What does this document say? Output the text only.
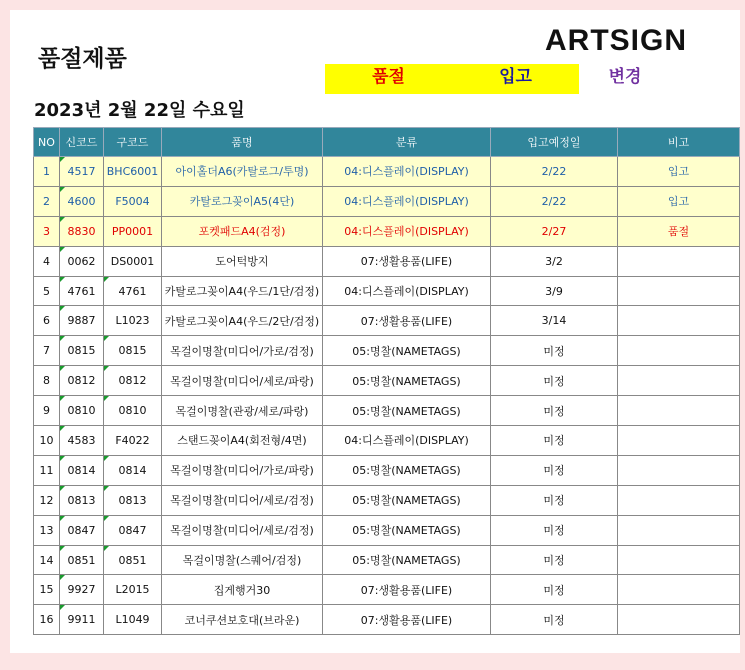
품절제품
ARTSIGN
품절	입고	변경
2023년 2월 22일 수요일
NO	신코드	구코드	품명	분류	입고예정일	비고
1	4517	BHC6001	아이홀더A6(카탈로그/투명)	04:디스플레이(DISPLAY)	2/22	입고
2	4600	F5004	카탈로그꽂이A5(4단)	04:디스플레이(DISPLAY)	2/22	입고
3	8830	PP0001	포켓패드A4(검정)	04:디스플레이(DISPLAY)	2/27	품절
4	0062	DS0001	도어턱방지	07:생활용품(LIFE)	3/2	
5	4761	4761	카탈로그꽂이A4(우드/1단/검정)	04:디스플레이(DISPLAY)	3/9	
6	9887	L1023	카탈로그꽂이A4(우드/2단/검정)	07:생활용품(LIFE)	3/14	
7	0815	0815	목걸이명찰(미디어/가로/검정)	05:명찰(NAMETAGS)	미정	
8	0812	0812	목걸이명찰(미디어/세로/파랑)	05:명찰(NAMETAGS)	미정	
9	0810	0810	목걸이명찰(관광/세로/파랑)	05:명찰(NAMETAGS)	미정	
10	4583	F4022	스탠드꽂이A4(회전형/4면)	04:디스플레이(DISPLAY)	미정	
11	0814	0814	목걸이명찰(미디어/가로/파랑)	05:명찰(NAMETAGS)	미정	
12	0813	0813	목걸이명찰(미디어/세로/검정)	05:명찰(NAMETAGS)	미정	
13	0847	0847	목걸이명찰(미디어/세로/검정)	05:명찰(NAMETAGS)	미정	
14	0851	0851	목걸이명찰(스퀘어/검정)	05:명찰(NAMETAGS)	미정	
15	9927	L2015	집게행거30	07:생활용품(LIFE)	미정	
16	9911	L1049	코너쿠션보호대(브라운)	07:생활용품(LIFE)	미정	
